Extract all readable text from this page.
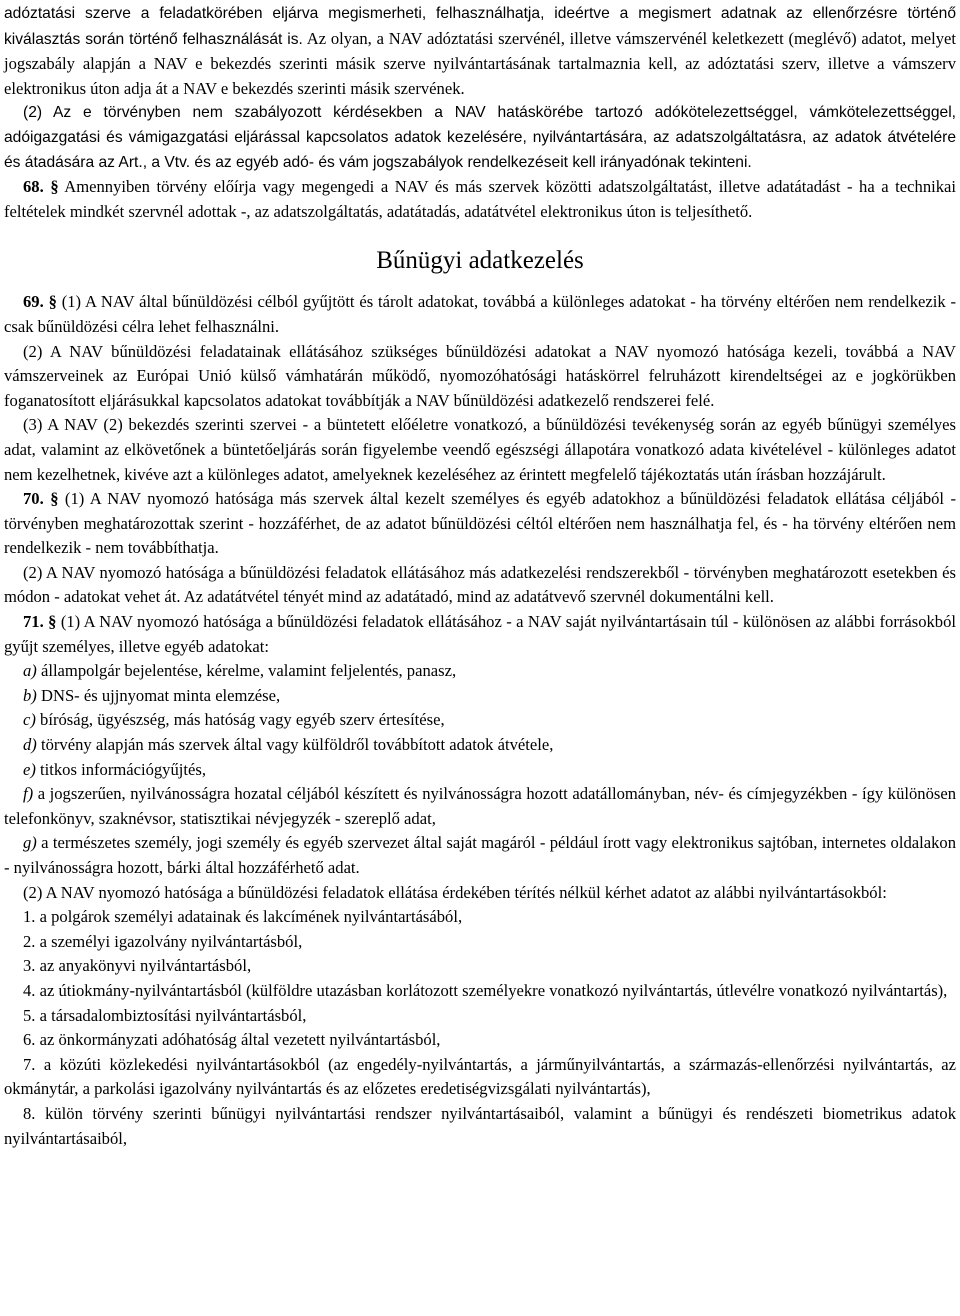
adóztatási szerve a feladatkörében eljárva megismerheti, felhasználhatja, ideértve a megismert adatnak az ellenőrzésre történő kiválasztás során történő felhasználását is. Az olyan, a NAV adóztatási szervénél, illetve vámszervénél keletkezett (meglévő) adatot, melyet jogszabály alapján a NAV e bekezdés szerinti másik szerve nyilvántartásának tartalmaznia kell, az adóztatási szerv, illetve a vámszerv elektronikus úton adja át a NAV e bekezdés szerinti másik szervének.

(2) Az e törvényben nem szabályozott kérdésekben a NAV hatáskörébe tartozó adókötelezettséggel, vámkötelezettséggel, adóigazgatási és vámigazgatási eljárással kapcsolatos adatok kezelésére, nyilvántartására, az adatszolgáltatásra, az adatok átvételére és átadására az Art., a Vtv. és az egyéb adó- és vám jogszabályok rendelkezéseit kell irányadónak tekinteni.

68. § Amennyiben törvény előírja vagy megengedi a NAV és más szervek közötti adatszolgáltatást, illetve adatátadást - ha a technikai feltételek mindkét szervnél adottak -, az adatszolgáltatás, adatátadás, adatátvétel elektronikus úton is teljesíthető.

Bűnügyi adatkezelés

69. § (1) A NAV által bűnüldözési célból gyűjtött és tárolt adatokat, továbbá a különleges adatokat - ha törvény eltérően nem rendelkezik - csak bűnüldözési célra lehet felhasználni.

(2) A NAV bűnüldözési feladatainak ellátásához szükséges bűnüldözési adatokat a NAV nyomozó hatósága kezeli, továbbá a NAV vámszerveinek az Európai Unió külső vámhatárán működő, nyomozóhatósági hatáskörrel felruházott kirendeltségei az e jogkörükben foganatosított eljárásukkal kapcsolatos adatokat továbbítják a NAV bűnüldözési adatkezelő rendszerei felé.

(3) A NAV (2) bekezdés szerinti szervei - a büntetett előéletre vonatkozó, a bűnüldözési tevékenység során az egyéb bűnügyi személyes adat, valamint az elkövetőnek a büntetőeljárás során figyelembe veendő egészségi állapotára vonatkozó adata kivételével - különleges adatot nem kezelhetnek, kivéve azt a különleges adatot, amelyeknek kezeléséhez az érintett megfelelő tájékoztatás után írásban hozzájárult.

70. § (1) A NAV nyomozó hatósága más szervek által kezelt személyes és egyéb adatokhoz a bűnüldözési feladatok ellátása céljából - törvényben meghatározottak szerint - hozzáférhet, de az adatot bűnüldözési céltól eltérően nem használhatja fel, és - ha törvény eltérően nem rendelkezik - nem továbbíthatja.

(2) A NAV nyomozó hatósága a bűnüldözési feladatok ellátásához más adatkezelési rendszerekből - törvényben meghatározott esetekben és módon - adatokat vehet át. Az adatátvétel tényét mind az adatátadó, mind az adatátvevő szervnél dokumentálni kell.

71. § (1) A NAV nyomozó hatósága a bűnüldözési feladatok ellátásához - a NAV saját nyilvántartásain túl - különösen az alábbi forrásokból gyűjt személyes, illetve egyéb adatokat:

a) állampolgár bejelentése, kérelme, valamint feljelentés, panasz,

b) DNS- és ujjnyomat minta elemzése,

c) bíróság, ügyészség, más hatóság vagy egyéb szerv értesítése,

d) törvény alapján más szervek által vagy külföldről továbbított adatok átvétele,

e) titkos információgyűjtés,

f) a jogszerűen, nyilvánosságra hozatal céljából készített és nyilvánosságra hozott adatállományban, név- és címjegyzékben - így különösen telefonkönyv, szaknévsor, statisztikai névjegyzék - szereplő adat,

g) a természetes személy, jogi személy és egyéb szervezet által saját magáról - például írott vagy elektronikus sajtóban, internetes oldalakon - nyilvánosságra hozott, bárki által hozzáférhető adat.

(2) A NAV nyomozó hatósága a bűnüldözési feladatok ellátása érdekében térítés nélkül kérhet adatot az alábbi nyilvántartásokból:

1. a polgárok személyi adatainak és lakcímének nyilvántartásából,

2. a személyi igazolvány nyilvántartásból,

3. az anyakönyvi nyilvántartásból,

4. az útiokmány-nyilvántartásból (külföldre utazásban korlátozott személyekre vonatkozó nyilvántartás, útlevélre vonatkozó nyilvántartás),

5. a társadalombiztosítási nyilvántartásból,

6. az önkormányzati adóhatóság által vezetett nyilvántartásból,

7. a közúti közlekedési nyilvántartásokból (az engedély-nyilvántartás, a járműnyilvántartás, a származás-ellenőrzési nyilvántartás, az okmánytár, a parkolási igazolvány nyilvántartás és az előzetes eredetiségvizsgálati nyilvántartás),

8. külön törvény szerinti bűnügyi nyilvántartási rendszer nyilvántartásaiból, valamint a bűnügyi és rendészeti biometrikus adatok nyilvántartásaiból,
